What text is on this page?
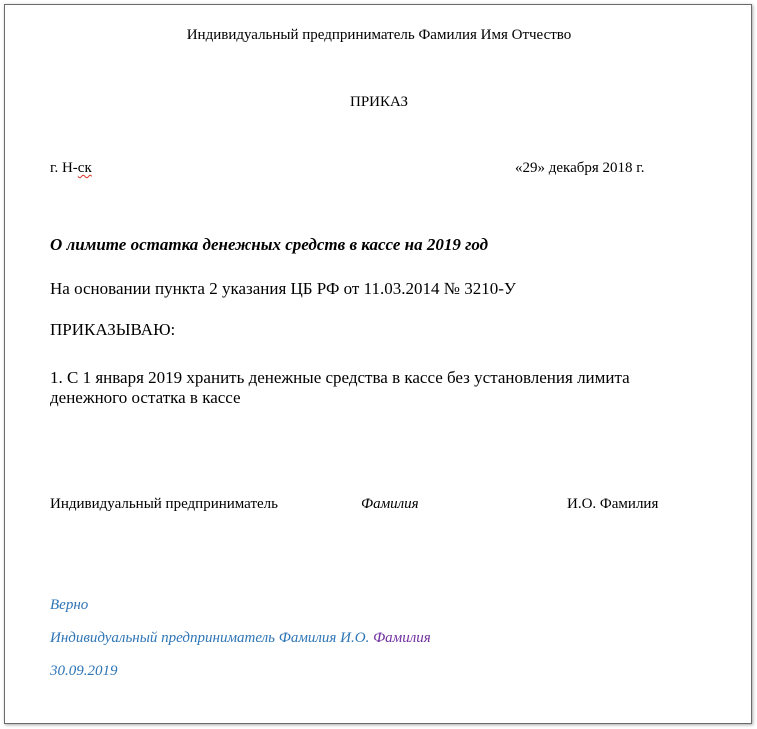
Индивидуальный предприниматель Фамилия Имя Отчество
ПРИКАЗ
г. Н-ск	«29» декабря 2018 г.
О лимите остатка денежных средств в кассе на 2019 год
На основании пункта 2 указания ЦБ РФ от 11.03.2014 № 3210-У
ПРИКАЗЫВАЮ:
1. С 1 января 2019 хранить денежные средства в кассе без установления лимита
денежного остатка в кассе
Индивидуальный предприниматель	Фамилия	И.О. Фамилия
Верно
Индивидуальный предприниматель Фамилия И.О. Фамилия
30.09.2019
